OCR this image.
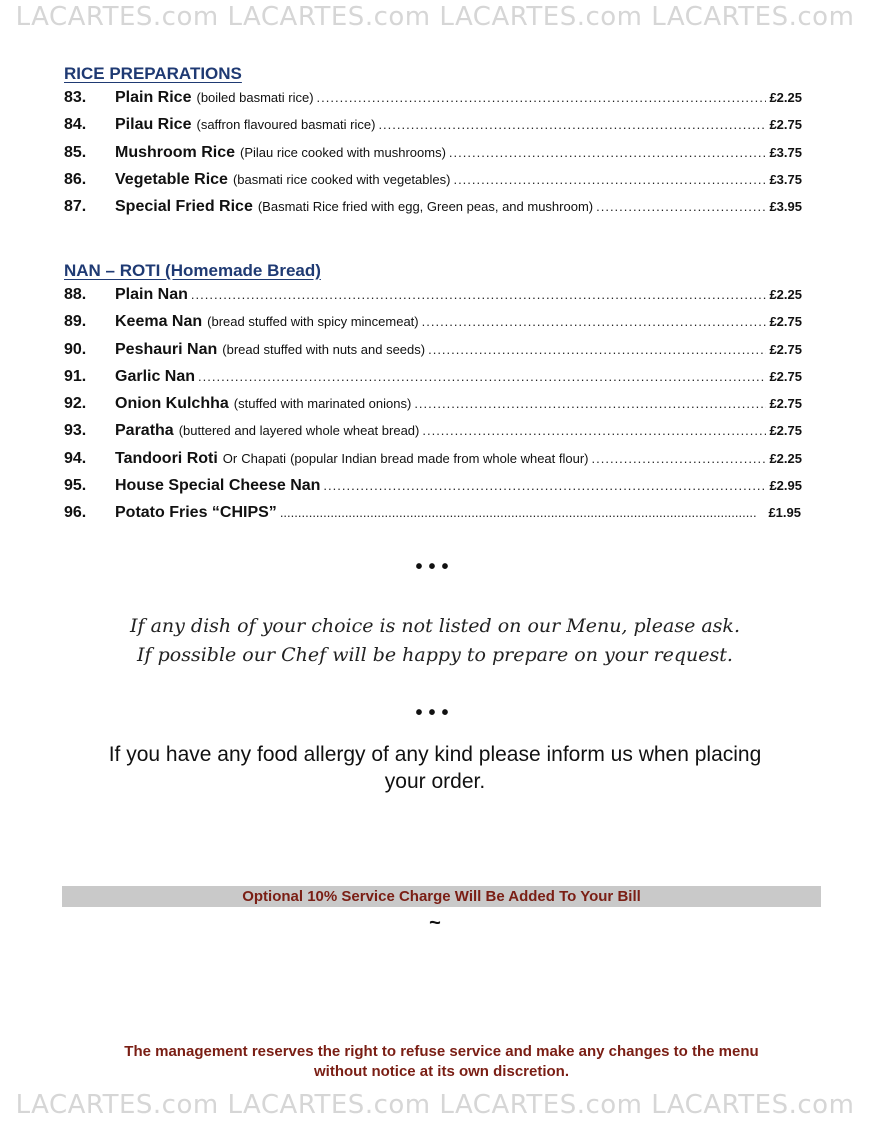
LACARTES.com LACARTES.com LACARTES.com LACARTES.com
LACARTES.com LACARTES.com LACARTES.com LACARTES.com
RICE PREPARATIONS
83.	Plain Rice (boiled basmati rice) .....	£2.25
84.	Pilau Rice (saffron flavoured basmati rice) .....	£2.75
85.	Mushroom Rice (Pilau rice cooked with mushrooms) .....	£3.75
86.	Vegetable Rice (basmati rice cooked with vegetables) .....	£3.75
87.	Special Fried Rice (Basmati Rice fried with egg, Green peas, and mushroom) .....	£3.95
NAN – ROTI (Homemade Bread)
88.	Plain Nan .....	£2.25
89.	Keema Nan (bread stuffed with spicy mincemeat) .....	£2.75
90.	Peshauri Nan (bread stuffed with nuts and seeds) .....	£2.75
91.	Garlic Nan .....	£2.75
92.	Onion Kulchha (stuffed with marinated onions) .....	£2.75
93.	Paratha (buttered and layered whole wheat bread) .....	£2.75
94.	Tandoori Roti Or Chapati (popular Indian bread made from whole wheat flour) .....	£2.25
95.	House Special Cheese Nan .....	£2.95
96.	Potato Fries “CHIPS” .....	£1.95
•••
If any dish of your choice is not listed on our Menu, please ask.
If possible our Chef will be happy to prepare on your request.
•••
If you have any food allergy of any kind please inform us when placing
your order.
Optional 10% Service Charge Will Be Added To Your Bill
~
The management reserves the right to refuse service and make any changes to the menu
without notice at its own discretion.
